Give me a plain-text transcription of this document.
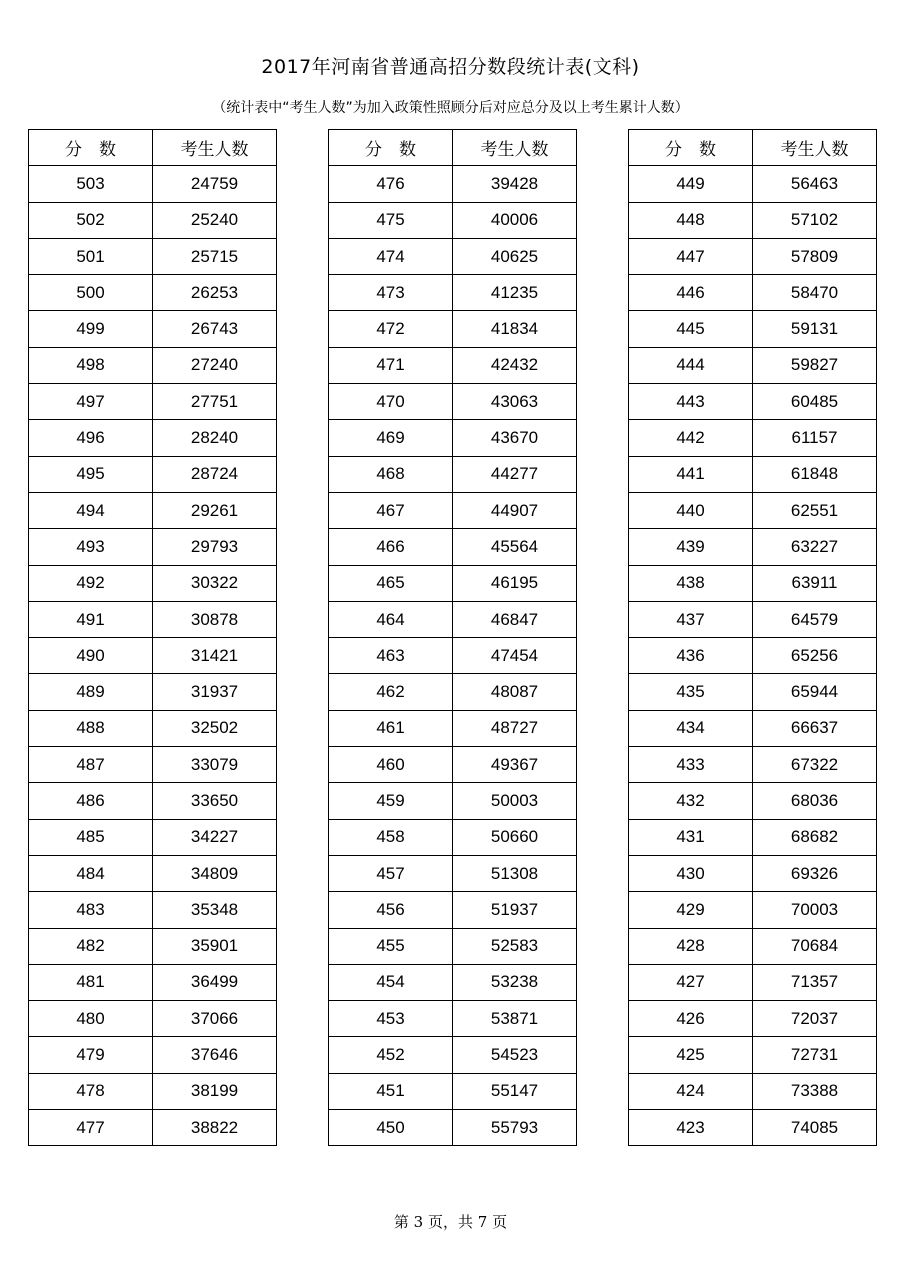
2017年河南省普通高招分数段统计表(文科)
（统计表中“考生人数”为加入政策性照顾分后对应总分及以上考生累计人数）
分　数	考生人数
503	24759
502	25240
501	25715
500	26253
499	26743
498	27240
497	27751
496	28240
495	28724
494	29261
493	29793
492	30322
491	30878
490	31421
489	31937
488	32502
487	33079
486	33650
485	34227
484	34809
483	35348
482	35901
481	36499
480	37066
479	37646
478	38199
477	38822
分　数	考生人数
476	39428
475	40006
474	40625
473	41235
472	41834
471	42432
470	43063
469	43670
468	44277
467	44907
466	45564
465	46195
464	46847
463	47454
462	48087
461	48727
460	49367
459	50003
458	50660
457	51308
456	51937
455	52583
454	53238
453	53871
452	54523
451	55147
450	55793
分　数	考生人数
449	56463
448	57102
447	57809
446	58470
445	59131
444	59827
443	60485
442	61157
441	61848
440	62551
439	63227
438	63911
437	64579
436	65256
435	65944
434	66637
433	67322
432	68036
431	68682
430	69326
429	70003
428	70684
427	71357
426	72037
425	72731
424	73388
423	74085
第 3 页，共 7 页
